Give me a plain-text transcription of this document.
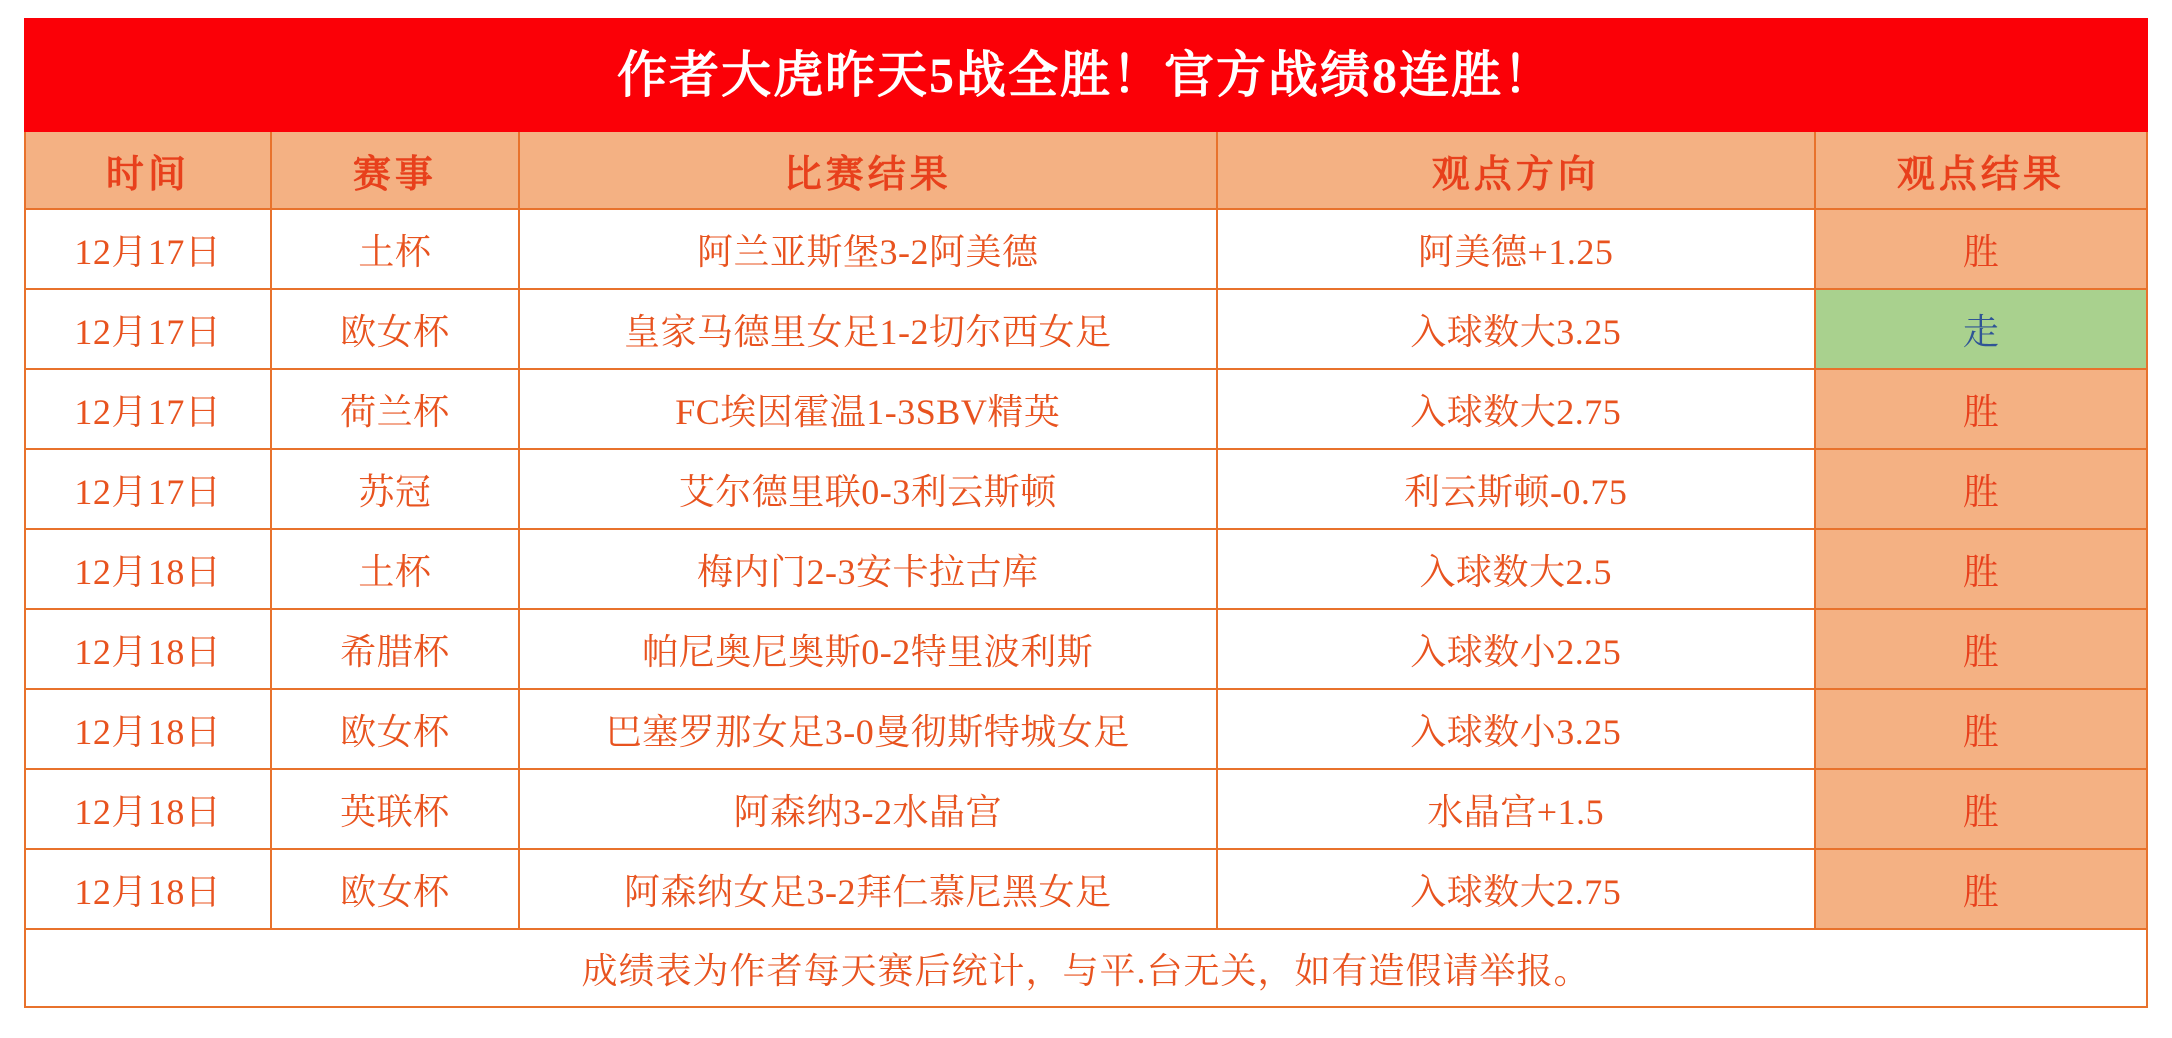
作者大虎昨天5战全胜！官方战绩8连胜！				

时间	赛事	比赛结果	观点方向	观点结果
12月17日	土杯	阿兰亚斯堡3-2阿美德	阿美德+1.25	胜
12月17日	欧女杯	皇家马德里女足1-2切尔西女足	入球数大3.25	走
12月17日	荷兰杯	FC埃因霍温1-3SBV精英	入球数大2.75	胜
12月17日	苏冠	艾尔德里联0-3利云斯顿	利云斯顿-0.75	胜
12月18日	土杯	梅内门2-3安卡拉古库	入球数大2.5	胜
12月18日	希腊杯	帕尼奥尼奥斯0-2特里波利斯	入球数小2.25	胜
12月18日	欧女杯	巴塞罗那女足3-0曼彻斯特城女足	入球数小3.25	胜
12月18日	英联杯	阿森纳3-2水晶宫	水晶宫+1.5	胜
12月18日	欧女杯	阿森纳女足3-2拜仁慕尼黑女足	入球数大2.75	胜
成绩表为作者每天赛后统计，与平.台无关，如有造假请举报。				
